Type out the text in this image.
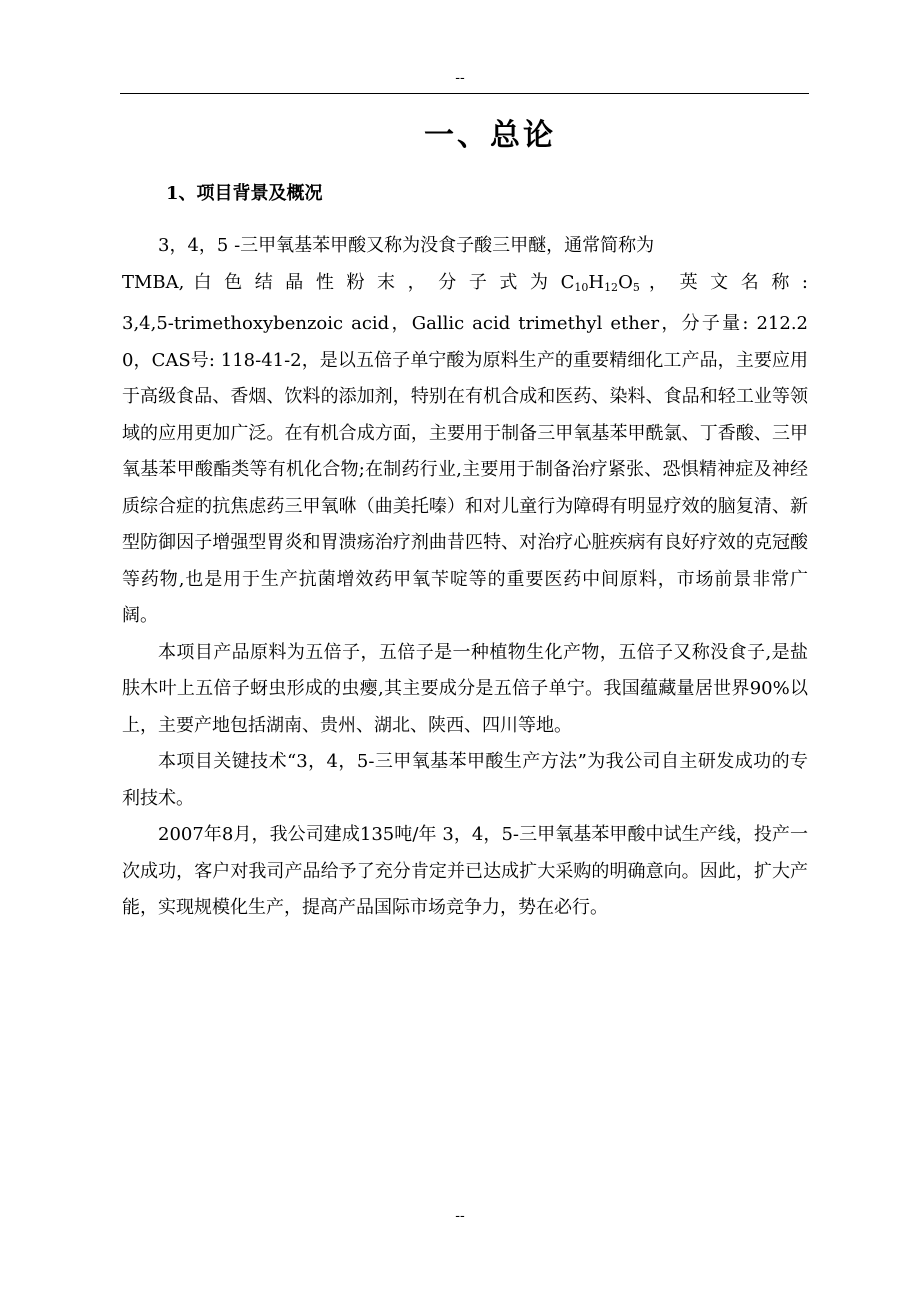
--
一、总论
1、项目背景及概况

3，4，5 -三甲氧基苯甲酸又称为没食子酸三甲醚，通常简称为
TMBA, 白 色 结 晶 性 粉 末 ， 分 子 式 为 $C_{10}H_{12}O_5$ ， 英 文 名 称 :
3,4,5-trimethoxybenzoic acid，Gallic acid trimethyl ether，分子量: 212.20，CAS号: 118-41-2，是以五倍子单宁酸为原料生产的重要精细化工产品，主要应用于高级食品、香烟、饮料的添加剂，特别在有机合成和医药、染料、食品和轻工业等领域的应用更加广泛。在有机合成方面，主要用于制备三甲氧基苯甲酰氯、丁香酸、三甲氧基苯甲酸酯类等有机化合物;在制药行业,主要用于制备治疗紧张、恐惧精神症及神经质综合症的抗焦虑药三甲氧咻（曲美托嗪）和对儿童行为障碍有明显疗效的脑复清、新型防御因子增强型胃炎和胃溃疡治疗剂曲昔匹特、对治疗心脏疾病有良好疗效的克冠酸等药物,也是用于生产抗菌增效药甲氧苄啶等的重要医药中间原料，市场前景非常广阔。

本项目产品原料为五倍子，五倍子是一种植物生化产物，五倍子又称没食子,是盐肤木叶上五倍子蚜虫形成的虫瘿,其主要成分是五倍子单宁。我国蕴藏量居世界90%以上，主要产地包括湖南、贵州、湖北、陕西、四川等地。

本项目关键技术“3，4，5-三甲氧基苯甲酸生产方法”为我公司自主研发成功的专利技术。

2007年8月，我公司建成135吨/年 3，4，5-三甲氧基苯甲酸中试生产线，投产一次成功，客户对我司产品给予了充分肯定并已达成扩大采购的明确意向。因此，扩大产能，实现规模化生产，提高产品国际市场竞争力，势在必行。

--
